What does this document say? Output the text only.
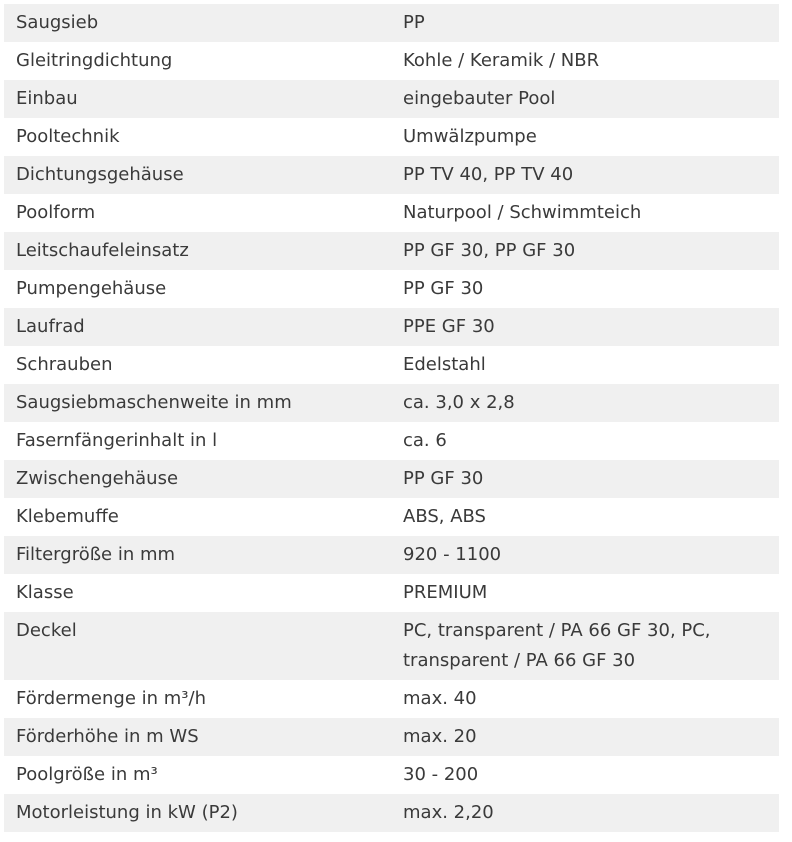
Saugsieb	PP
Gleitringdichtung	Kohle / Keramik / NBR
Einbau	eingebauter Pool
Pooltechnik	Umwälzpumpe
Dichtungsgehäuse	PP TV 40, PP TV 40
Poolform	Naturpool / Schwimmteich
Leitschaufeleinsatz	PP GF 30, PP GF 30
Pumpengehäuse	PP GF 30
Laufrad	PPE GF 30
Schrauben	Edelstahl
Saugsiebmaschenweite in mm	ca. 3,0 x 2,8
Fasernfängerinhalt in l	ca. 6
Zwischengehäuse	PP GF 30
Klebemuffe	ABS, ABS
Filtergröße in mm	920 - 1100
Klasse	PREMIUM
Deckel	PC, transparent / PA 66 GF 30, PC, transparent / PA 66 GF 30
Fördermenge in m³/h	max. 40
Förderhöhe in m WS	max. 20
Poolgröße in m³	30 - 200
Motorleistung in kW (P2)	max. 2,20
